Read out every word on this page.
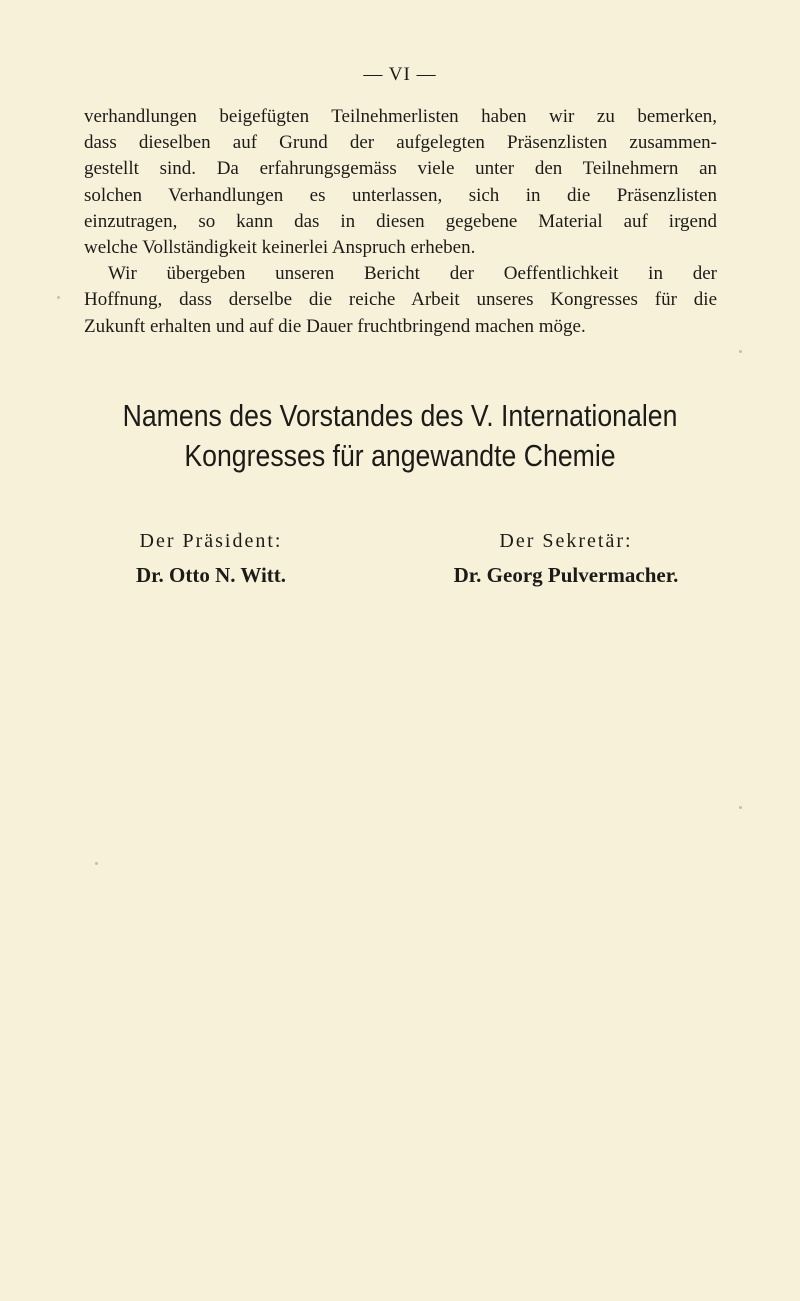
— VI —
verhandlungen beigefügten Teilnehmerlisten haben wir zu bemerken,
dass dieselben auf Grund der aufgelegten Präsenzlisten zusammen-
gestellt sind. Da erfahrungsgemäss viele unter den Teilnehmern an
solchen Verhandlungen es unterlassen, sich in die Präsenzlisten
einzutragen, so kann das in diesen gegebene Material auf irgend
welche Vollständigkeit keinerlei Anspruch erheben.
Wir übergeben unseren Bericht der Oeffentlichkeit in der
Hoffnung, dass derselbe die reiche Arbeit unseres Kongresses für die
Zukunft erhalten und auf die Dauer fruchtbringend machen möge.
Namens des Vorstandes des V. Internationalen
Kongresses für angewandte Chemie
Der Präsident:
Dr. Otto N. Witt.
Der Sekretär:
Dr. Georg Pulvermacher.
